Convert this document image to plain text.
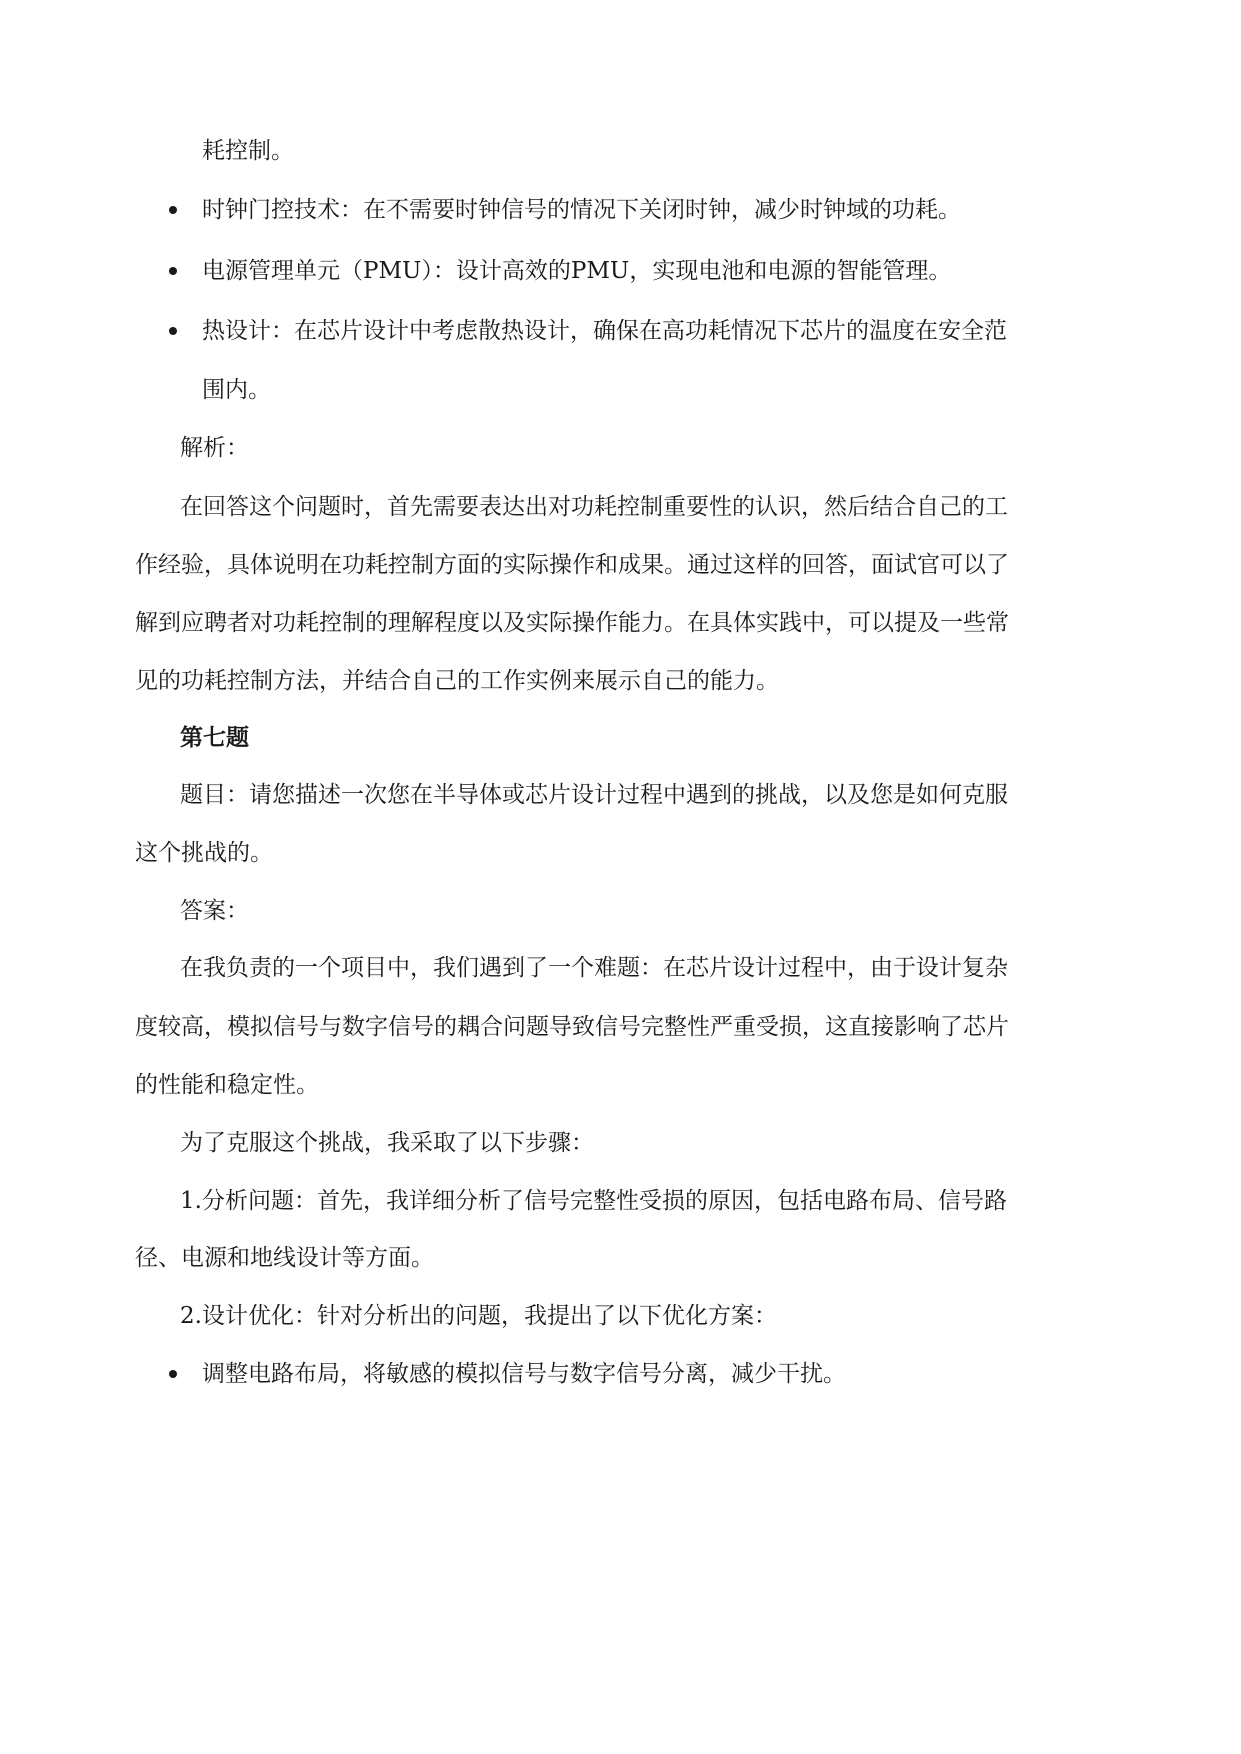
耗控制。
时钟门控技术：在不需要时钟信号的情况下关闭时钟，减少时钟域的功耗。
电源管理单元（PMU）：设计高效的PMU，实现电池和电源的智能管理。
热设计：在芯片设计中考虑散热设计，确保在高功耗情况下芯片的温度在安全范
围内。
解析：
在回答这个问题时，首先需要表达出对功耗控制重要性的认识，然后结合自己的工
作经验，具体说明在功耗控制方面的实际操作和成果。通过这样的回答，面试官可以了
解到应聘者对功耗控制的理解程度以及实际操作能力。在具体实践中，可以提及一些常
见的功耗控制方法，并结合自己的工作实例来展示自己的能力。
第七题
题目：请您描述一次您在半导体或芯片设计过程中遇到的挑战，以及您是如何克服
这个挑战的。
答案：
在我负责的一个项目中，我们遇到了一个难题：在芯片设计过程中，由于设计复杂
度较高，模拟信号与数字信号的耦合问题导致信号完整性严重受损，这直接影响了芯片
的性能和稳定性。
为了克服这个挑战，我采取了以下步骤：
1.分析问题：首先，我详细分析了信号完整性受损的原因，包括电路布局、信号路
径、电源和地线设计等方面。
2.设计优化：针对分析出的问题，我提出了以下优化方案：
调整电路布局，将敏感的模拟信号与数字信号分离，减少干扰。
